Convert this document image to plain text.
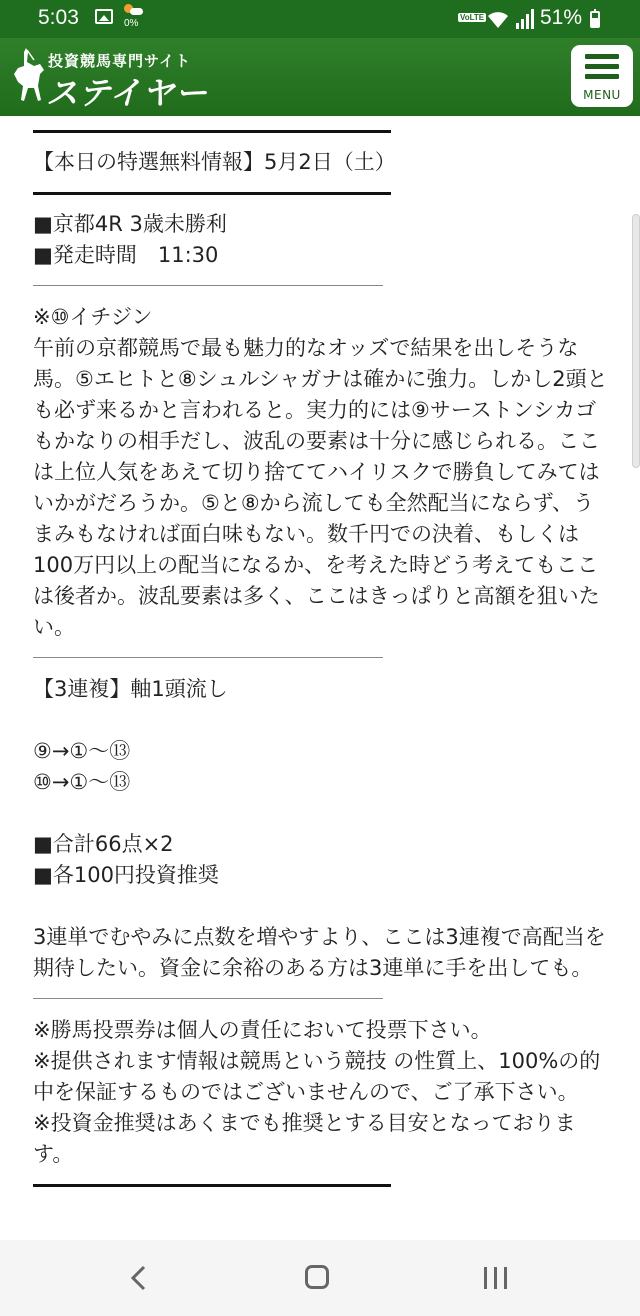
5:03	0%
VoLTE	51%
投資競馬専門サイト
ステイヤー	MENU
【本日の特選無料情報】5月2日（土）
■京都4R 3歳未勝利
■発走時間　11:30
※⑩イチジン
午前の京都競馬で最も魅力的なオッズで結果を出しそうな馬。⑤エヒトと⑧シュルシャガナは確かに強力。しかし2頭とも必ず来るかと言われると。実力的には⑨サーストンシカゴもかなりの相手だし、波乱の要素は十分に感じられる。ここは上位人気をあえて切り捨ててハイリスクで勝負してみてはいかがだろうか。⑤と⑧から流しても全然配当にならず、うまみもなければ面白味もない。数千円での決着、もしくは100万円以上の配当になるか、を考えた時どう考えてもここは後者か。波乱要素は多く、ここはきっぱりと高額を狙いたい。
【3連複】軸1頭流し
⑨→①～⑬
⑩→①～⑬
■合計66点×2
■各100円投資推奨
3連単でむやみに点数を増やすより、ここは3連複で高配当を期待したい。資金に余裕のある方は3連単に手を出しても。
※勝馬投票券は個人の責任において投票下さい。
※提供されます情報は競馬という競技 の性質上、100%の的中を保証するものではございませんので、ご了承下さい。
※投資金推奨はあくまでも推奨とする目安となっております。
